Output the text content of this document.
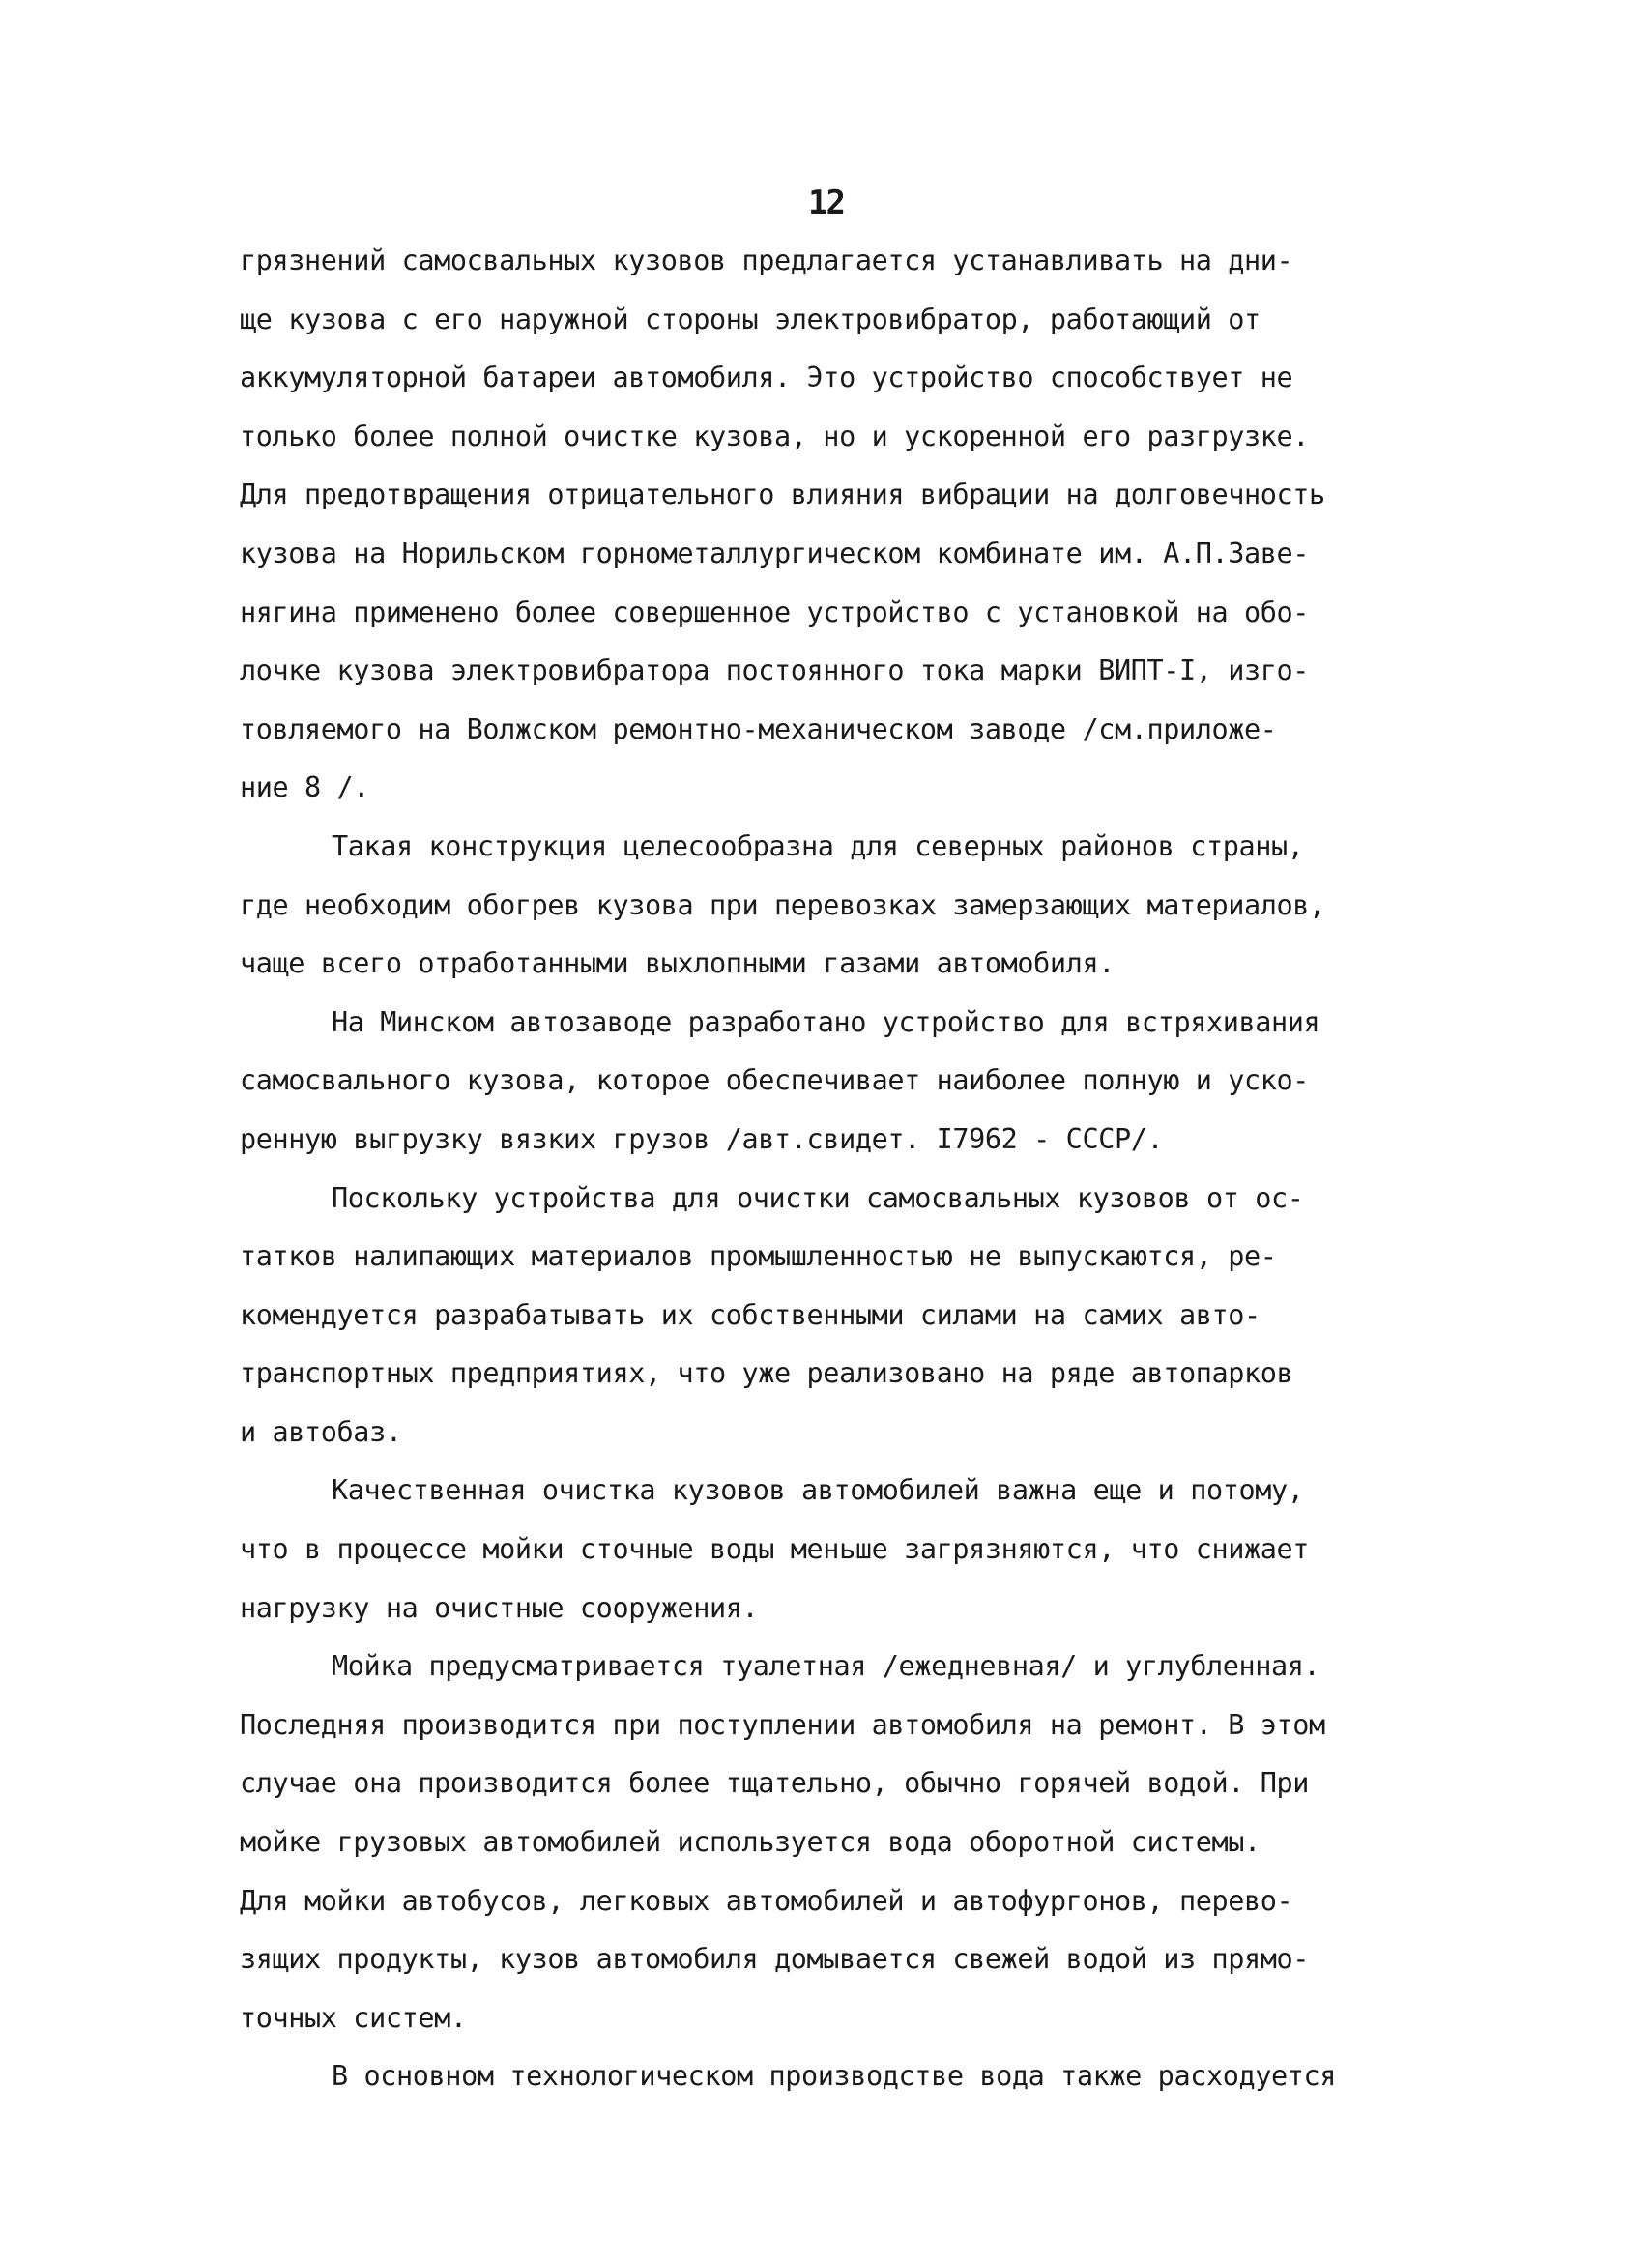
12
грязнений самосвальных кузовов предлагается устанавливать на дни-
ще кузова с его наружной стороны электровибратор, работающий от
аккумуляторной батареи автомобиля. Это устройство способствует не
только более полной очистке кузова, но и ускоренной его разгрузке.
Для предотвращения отрицательного влияния вибрации на долговечность
кузова на Норильском горнометаллургическом комбинате им. А.П.Заве-
нягина применено более совершенное устройство с установкой на обо-
лочке кузова электровибратора постоянного тока марки ВИПТ-I, изго-
товляемого на Волжском ремонтно-механическом заводе /см.приложе-
ние 8 /.
Такая конструкция целесообразна для северных районов страны,
где необходим обогрев кузова при перевозках замерзающих материалов,
чаще всего отработанными выхлопными газами автомобиля.
На Минском автозаводе разработано устройство для встряхивания
самосвального кузова, которое обеспечивает наиболее полную и уско-
ренную выгрузку вязких грузов /авт.свидет. I7962 - СССР/.
Поскольку устройства для очистки самосвальных кузовов от ос-
татков налипающих материалов промышленностью не выпускаются, ре-
комендуется разрабатывать их собственными силами на самих авто-
транспортных предприятиях, что уже реализовано на ряде автопарков
и автобаз.
Качественная очистка кузовов автомобилей важна еще и потому,
что в процессе мойки сточные воды меньше загрязняются, что снижает
нагрузку на очистные сооружения.
Мойка предусматривается туалетная /ежедневная/ и углубленная.
Последняя производится при поступлении автомобиля на ремонт. В этом
случае она производится более тщательно, обычно горячей водой. При
мойке грузовых автомобилей используется вода оборотной системы.
Для мойки автобусов, легковых автомобилей и автофургонов, перево-
зящих продукты, кузов автомобиля домывается свежей водой из прямо-
точных систем.
В основном технологическом производстве вода также расходуется
